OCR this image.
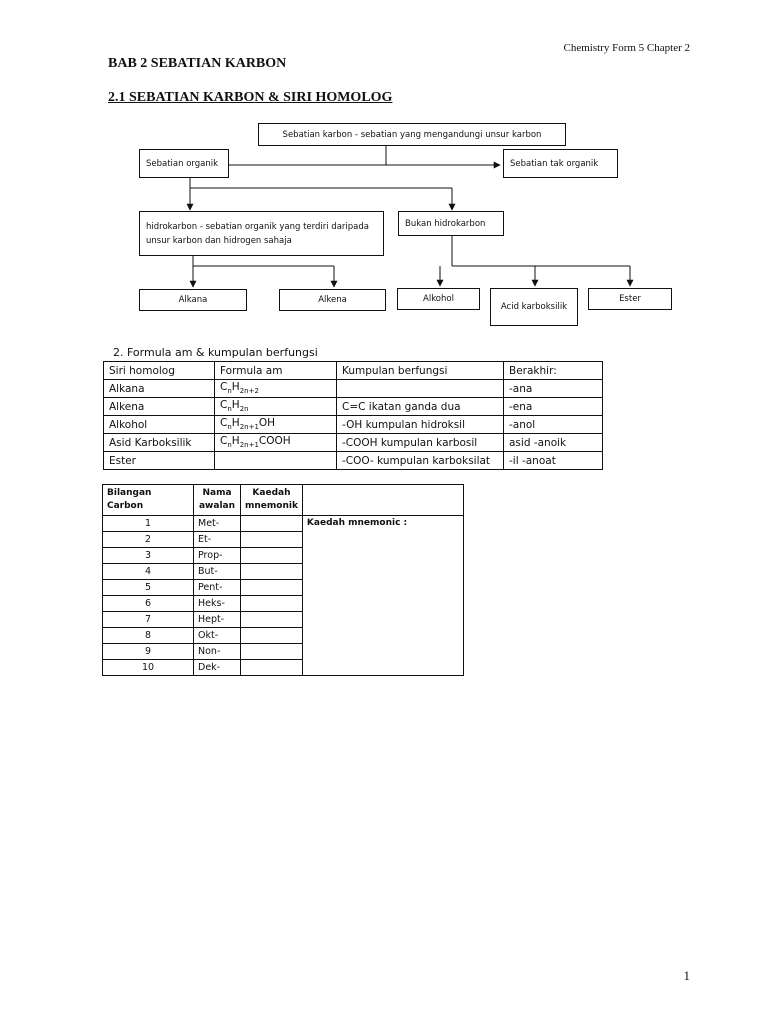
Chemistry Form 5 Chapter 2
BAB 2 SEBATIAN KARBON
2.1 SEBATIAN KARBON & SIRI HOMOLOG
Sebatian karbon - sebatian yang mengandungi unsur karbon
Sebatian organik	Sebatian tak organik
hidrokarbon - sebatian organik yang terdiri daripada unsur karbon dan hidrogen sahaja
Bukan hidrokarbon
Alkana	Alkena	Alkohol
Acid karboksilik
Ester
2. Formula am & kumpulan berfungsi
Siri homolog	Formula am	Kumpulan berfungsi	Berakhir:
Alkana	$C_nH_{2n+2}$		-ana
Alkena	$C_nH_{2n}$	C=C ikatan ganda dua	-ena
Alkohol	$C_nH_{2n+1}OH$	-OH kumpulan hidroksil	-anol
Asid Karboksilik	$C_nH_{2n+1}COOH$	-COOH kumpulan karbosil	asid -anoik
Ester		-COO- kumpulan karboksilat	-il -anoat
Bilangan Carbon	Nama awalan	Kaedah mnemonik	
1	Met-		Kaedah mnemonic :
2	Et-		
3	Prop-		
4	But-		
5	Pent-		
6	Heks-		
7	Hept-		
8	Okt-		
9	Non-		
10	Dek-		
1
